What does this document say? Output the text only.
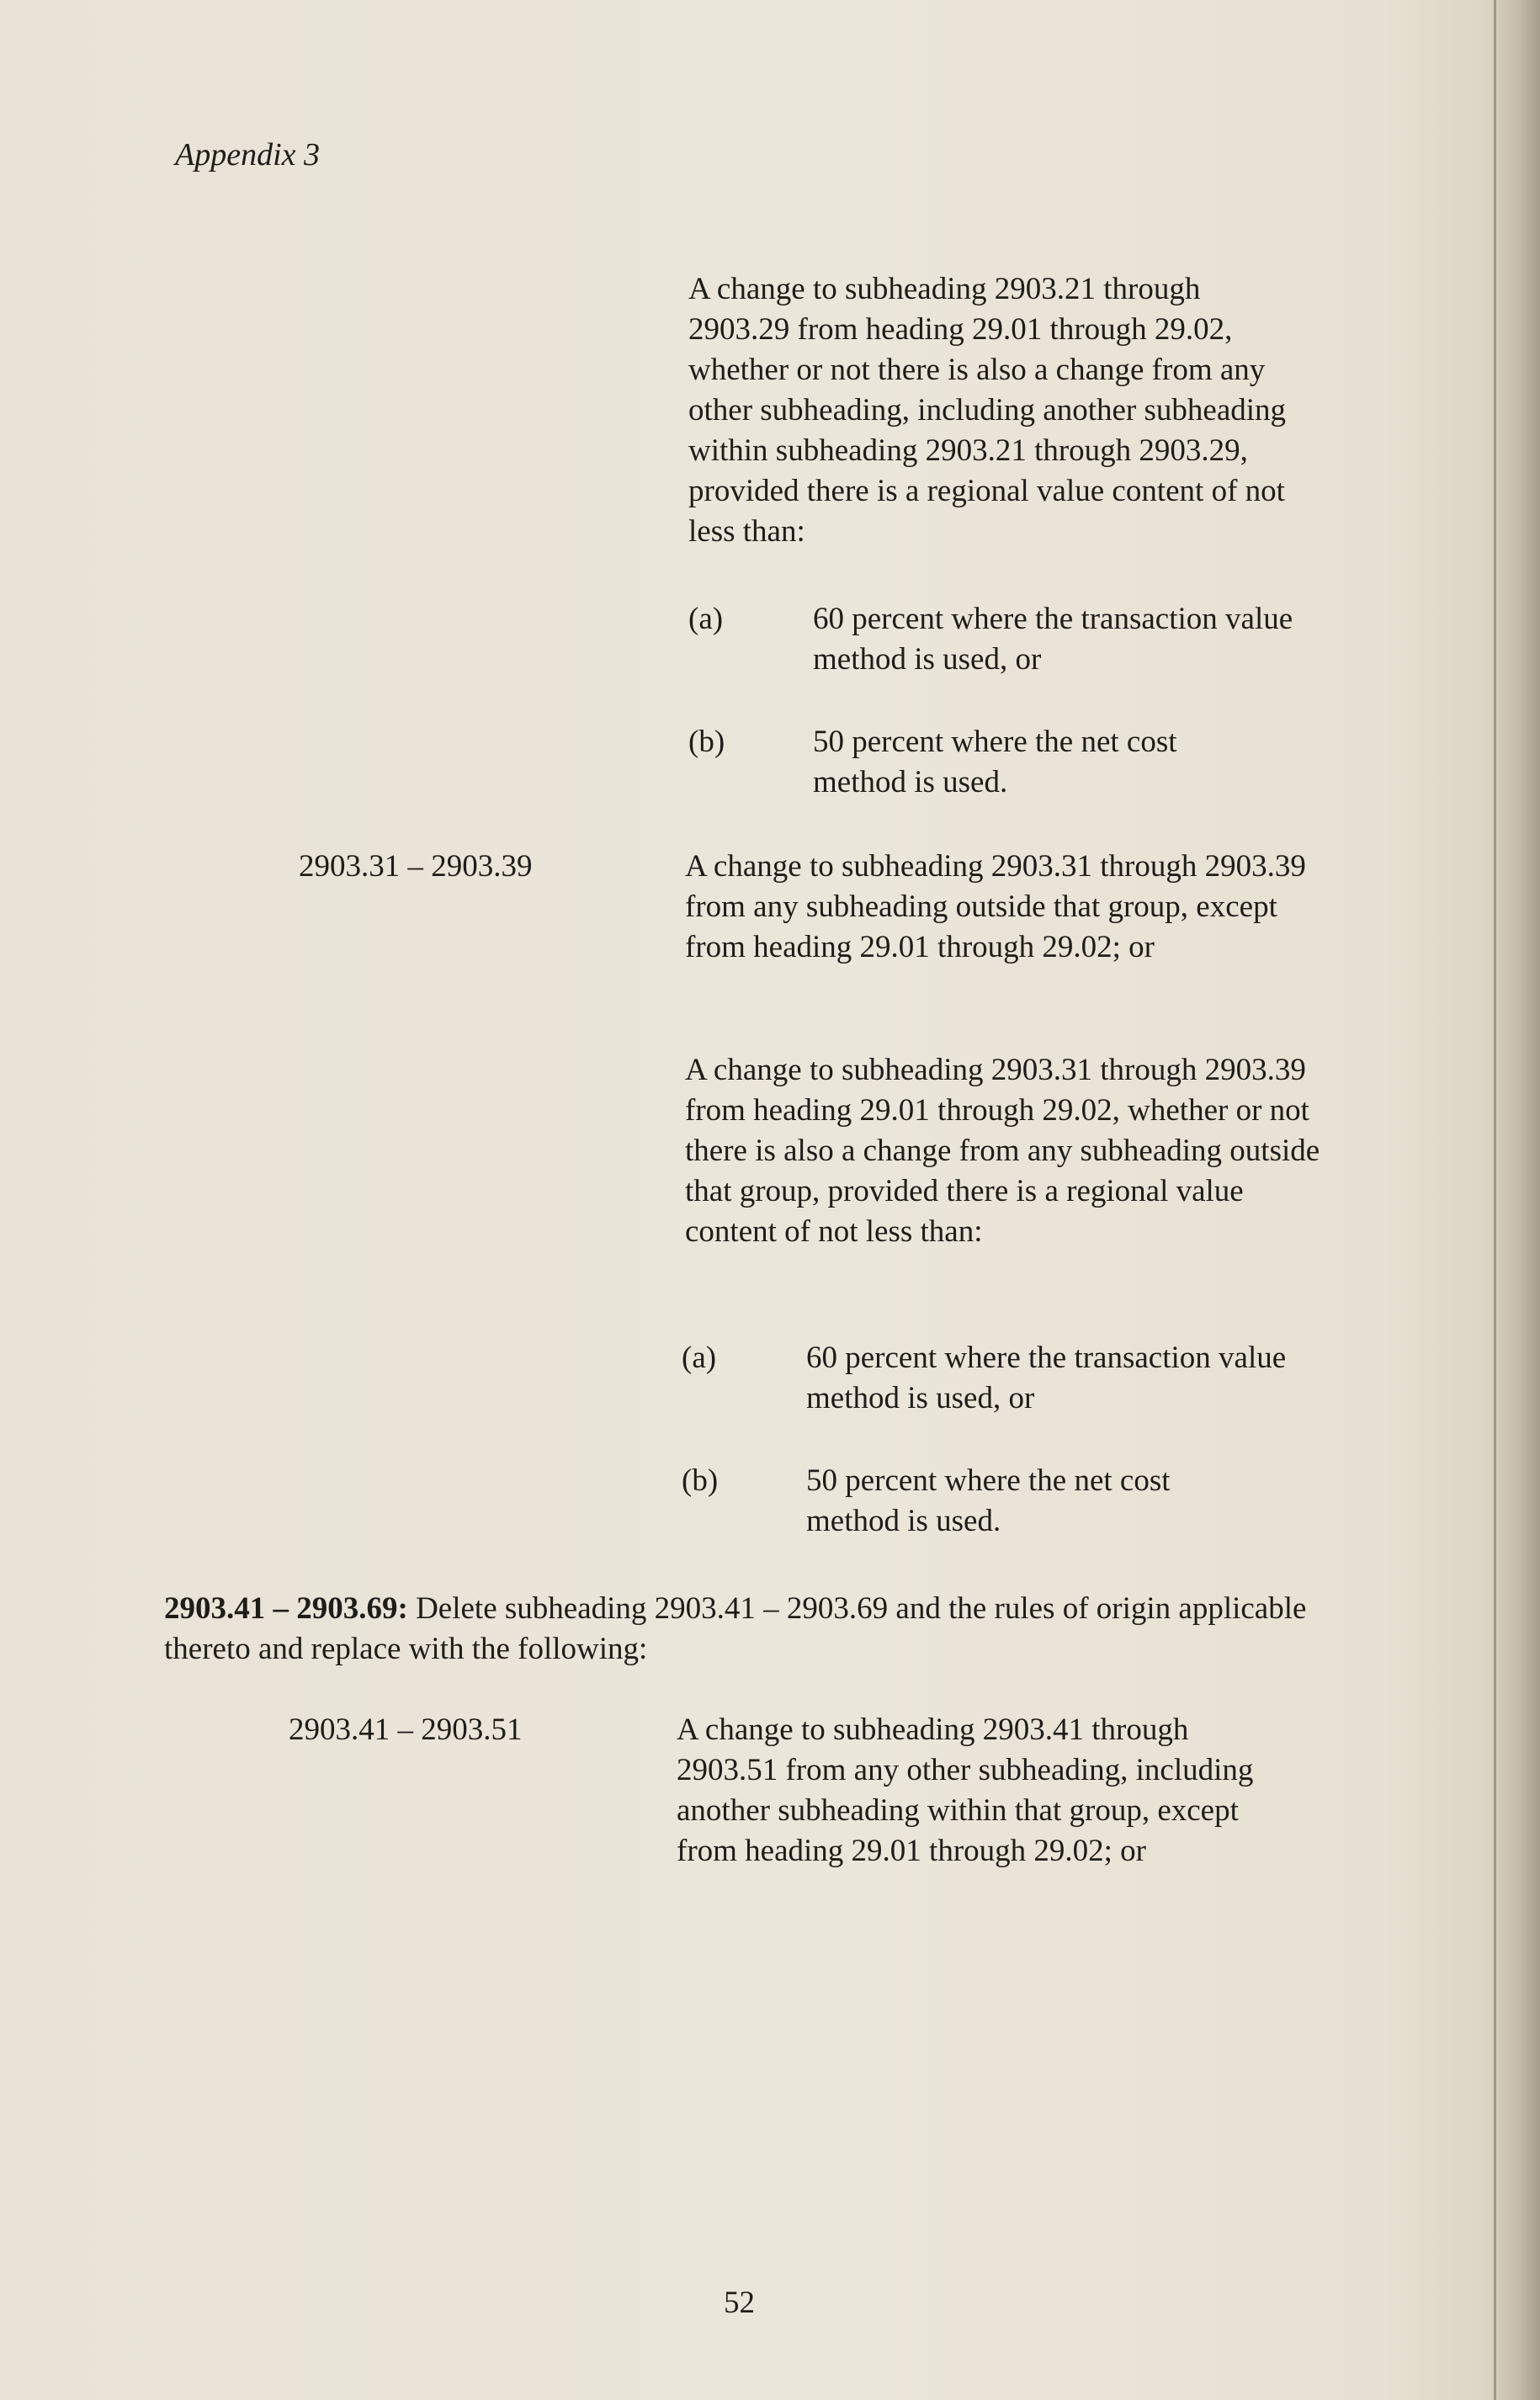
Appendix 3
A change to subheading 2903.21 through 2903.29 from heading 29.01 through 29.02, whether or not there is also a change from any other subheading, including another subheading within subheading 2903.21 through 2903.29, provided there is a regional value content of not less than:
(a)	60 percent where the transaction value method is used, or
(b)	50 percent where the net cost method is used.
2903.31 – 2903.39	A change to subheading 2903.31 through 2903.39 from any subheading outside that group, except from heading 29.01 through 29.02; or
A change to subheading 2903.31 through 2903.39 from heading 29.01 through 29.02, whether or not there is also a change from any subheading outside that group, provided there is a regional value content of not less than:
(a)	60 percent where the transaction value method is used, or
(b)	50 percent where the net cost method is used.
2903.41 – 2903.69: Delete subheading 2903.41 – 2903.69 and the rules of origin applicable thereto and replace with the following:
2903.41 – 2903.51	A change to subheading 2903.41 through 2903.51 from any other subheading, including another subheading within that group, except from heading 29.01 through 29.02; or
52
